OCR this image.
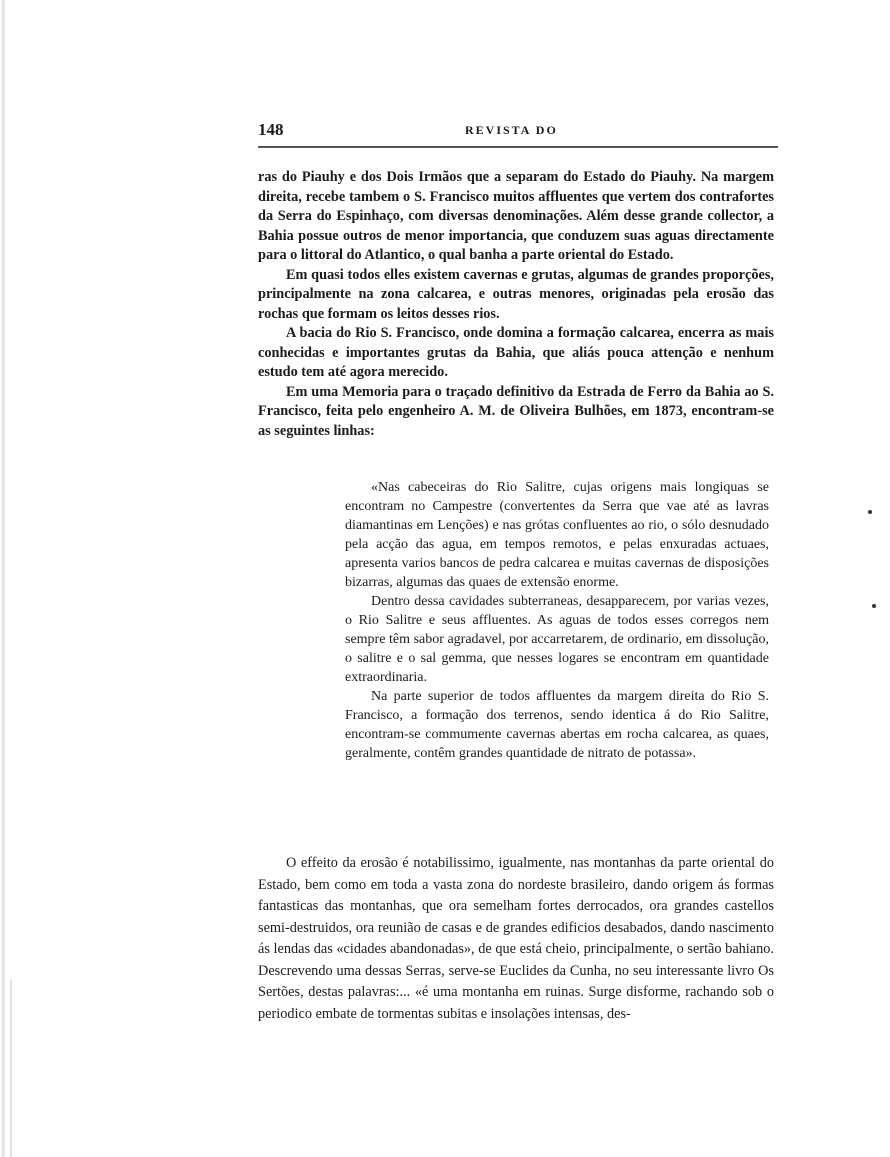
148	REVISTA DO

ras do Piauhy e dos Dois Irmãos que a separam do Estado do Piauhy. Na margem direita, recebe tambem o S. Francisco muitos affluentes que vertem dos contrafortes da Serra do Espinhaço, com diversas denominações. Além desse grande collector, a Bahia possue outros de menor importancia, que conduzem suas aguas directamente para o littoral do Atlantico, o qual banha a parte oriental do Estado.

Em quasi todos elles existem cavernas e grutas, algumas de grandes proporções, principalmente na zona calcarea, e outras menores, originadas pela erosão das rochas que formam os leitos desses rios.

A bacia do Rio S. Francisco, onde domina a formação calcarea, encerra as mais conhecidas e importantes grutas da Bahia, que aliás pouca attenção e nenhum estudo tem até agora merecido.

Em uma Memoria para o traçado definitivo da Estrada de Ferro da Bahia ao S. Francisco, feita pelo engenheiro A. M. de Oliveira Bulhões, em 1873, encontram-se as seguintes linhas:

«Nas cabeceiras do Rio Salitre, cujas origens mais longiquas se encontram no Campestre (convertentes da Serra que vae até as lavras diamantinas em Lenções) e nas grótas confluentes ao rio, o sólo desnudado pela acção das agua, em tempos remotos, e pelas enxuradas actuaes, apresenta varios bancos de pedra calcarea e muitas cavernas de disposições bizarras, algumas das quaes de extensão enorme.

Dentro dessa cavidades subterraneas, desapparecem, por varias vezes, o Rio Salitre e seus affluentes. As aguas de todos esses corregos nem sempre têm sabor agradavel, por accarretarem, de ordinario, em dissolução, o salitre e o sal gemma, que nesses logares se encontram em quantidade extraordinaria.

Na parte superior de todos affluentes da margem direita do Rio S. Francisco, a formação dos terrenos, sendo identica á do Rio Salitre, encontram-se commumente cavernas abertas em rocha calcarea, as quaes, geralmente, contêm grandes quantidade de nitrato de potassa».

O effeito da erosão é notabilissimo, igualmente, nas montanhas da parte oriental do Estado, bem como em toda a vasta zona do nordeste brasileiro, dando origem ás formas fantasticas das montanhas, que ora semelham fortes derrocados, ora grandes castellos semi-destruidos, ora reunião de casas e de grandes edificios desabados, dando nascimento ás lendas das «cidades abandonadas», de que está cheio, principalmente, o sertão bahiano. Descrevendo uma dessas Serras, serve-se Euclides da Cunha, no seu interessante livro Os Sertões, destas palavras:... «é uma montanha em ruinas. Surge disforme, rachando sob o periodico embate de tormentas subitas e insolações intensas, des-
